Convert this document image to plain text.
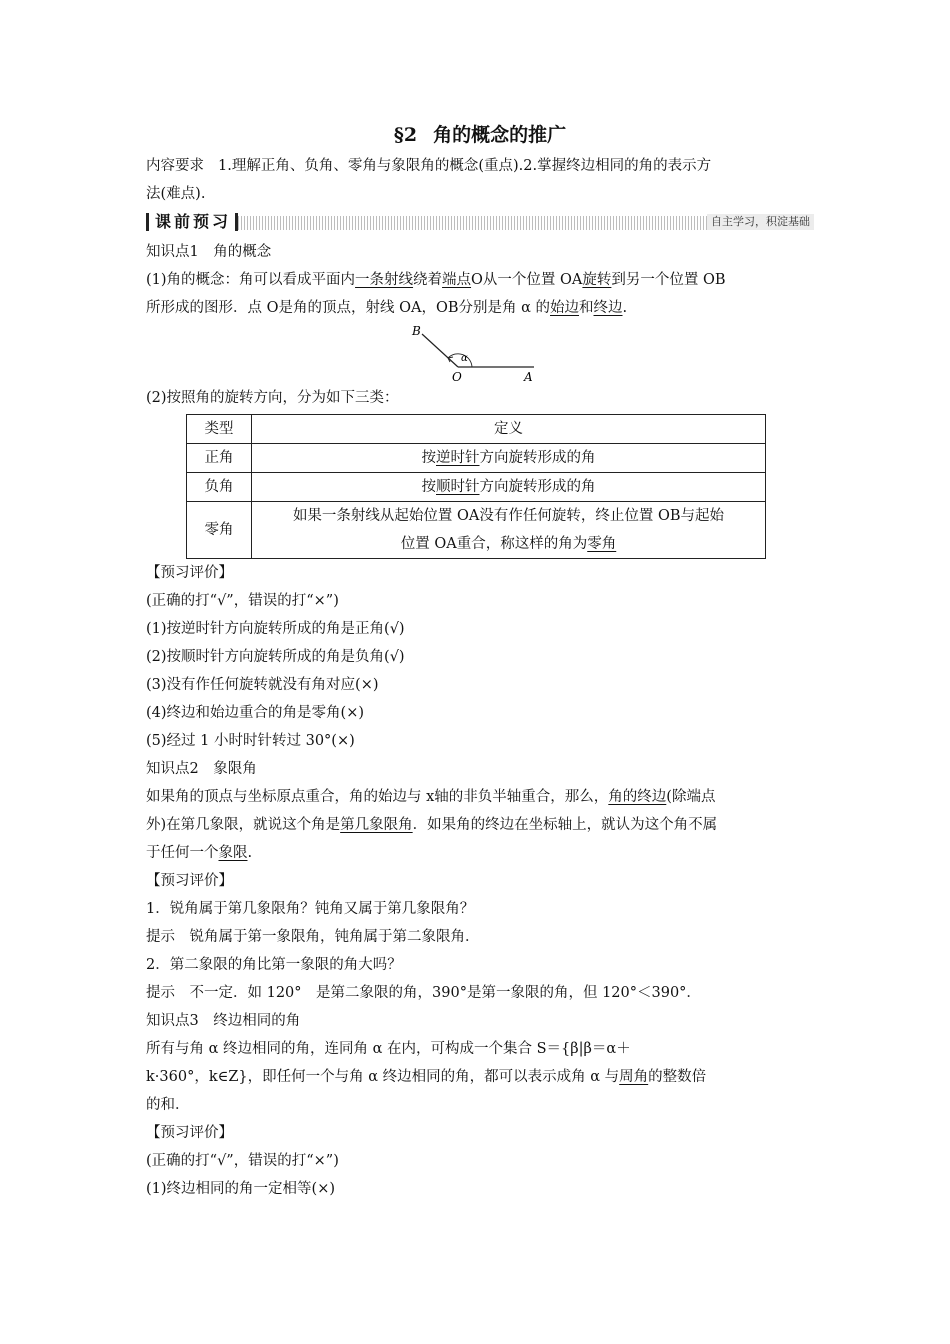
§2 角的概念的推广

内容要求 1.理解正角、负角、零角与象限角的概念(重点).2.掌握终边相同的角的表示方

法(难点).

课前预习	自主学习，积淀基础

知识点1　角的概念

(1)角的概念：角可以看成平面内一条射线绕着端点O从一个位置 OA旋转到另一个位置 OB

所形成的图形．点 O是角的顶点，射线 OA，OB分别是角 α 的始边和终边.

B
O	A
α

(2)按照角的旋转方向，分为如下三类：

类型	定义
正角	按逆时针方向旋转形成的角
负角	按顺时针方向旋转形成的角
零角	如果一条射线从起始位置 OA没有作任何旋转，终止位置 OB与起始
位置 OA重合，称这样的角为零角

【预习评价】

(正确的打“√”，错误的打“×”)

(1)按逆时针方向旋转所成的角是正角(√)

(2)按顺时针方向旋转所成的角是负角(√)

(3)没有作任何旋转就没有角对应(×)

(4)终边和始边重合的角是零角(×)

(5)经过 1 小时时针转过 30°(×)

知识点2　象限角

如果角的顶点与坐标原点重合，角的始边与 x轴的非负半轴重合，那么，角的终边(除端点

外)在第几象限，就说这个角是第几象限角．如果角的终边在坐标轴上，就认为这个角不属

于任何一个象限.

【预习评价】

1．锐角属于第几象限角？钝角又属于第几象限角？

提示　锐角属于第一象限角，钝角属于第二象限角．

2．第二象限的角比第一象限的角大吗？

提示　不一定．如 120°　是第二象限的角，390°是第一象限的角，但 120°＜390°．

知识点3　终边相同的角

所有与角 α 终边相同的角，连同角 α 在内，可构成一个集合 S＝{β|β＝α＋

k·360°，k∈Z}，即任何一个与角 α 终边相同的角，都可以表示成角 α 与周角的整数倍

的和．

【预习评价】

(正确的打“√”，错误的打“×”)

(1)终边相同的角一定相等(×)
